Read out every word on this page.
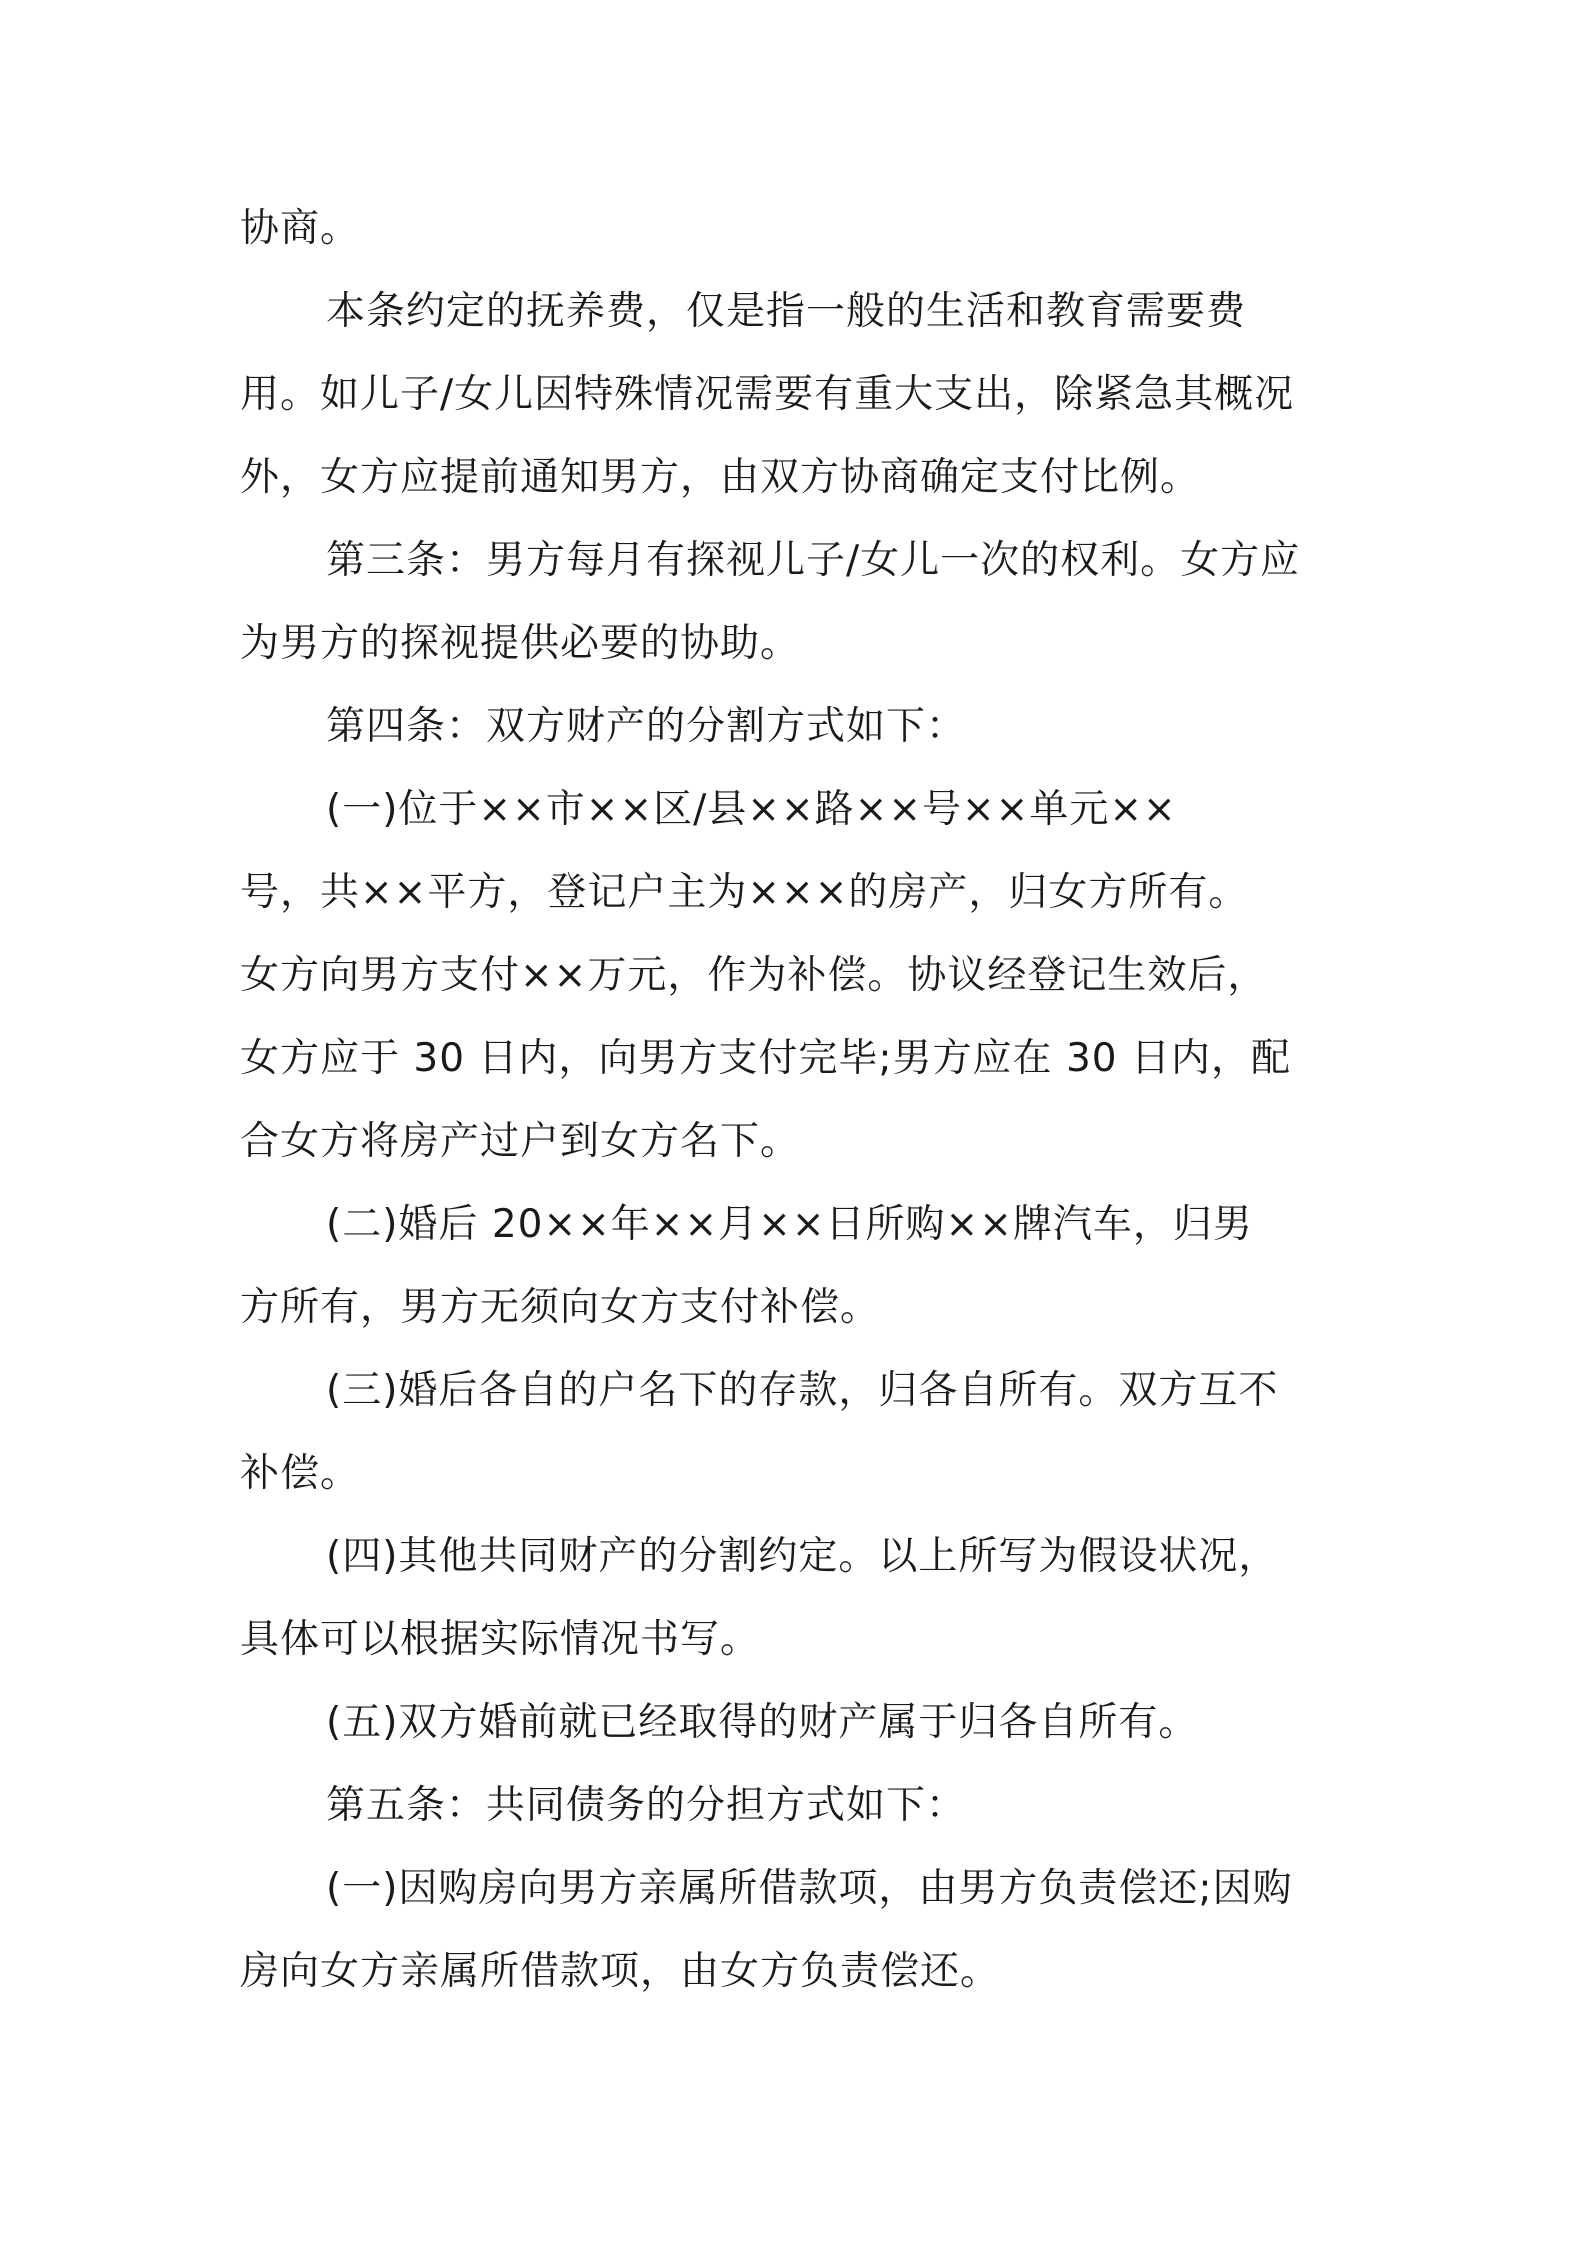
协商。
本条约定的抚养费，仅是指一般的生活和教育需要费
用。如儿子/女儿因特殊情况需要有重大支出，除紧急其概况
外，女方应提前通知男方，由双方协商确定支付比例。
第三条：男方每月有探视儿子/女儿一次的权利。女方应
为男方的探视提供必要的协助。
第四条：双方财产的分割方式如下：
(一)位于××市××区/县××路××号××单元××
号，共××平方，登记户主为×××的房产，归女方所有。
女方向男方支付××万元，作为补偿。协议经登记生效后，
女方应于 30 日内，向男方支付完毕;男方应在 30 日内，配
合女方将房产过户到女方名下。
(二)婚后 20××年××月××日所购××牌汽车，归男
方所有，男方无须向女方支付补偿。
(三)婚后各自的户名下的存款，归各自所有。双方互不
补偿。
(四)其他共同财产的分割约定。以上所写为假设状况，
具体可以根据实际情况书写。
(五)双方婚前就已经取得的财产属于归各自所有。
第五条：共同债务的分担方式如下：
(一)因购房向男方亲属所借款项，由男方负责偿还;因购
房向女方亲属所借款项，由女方负责偿还。
